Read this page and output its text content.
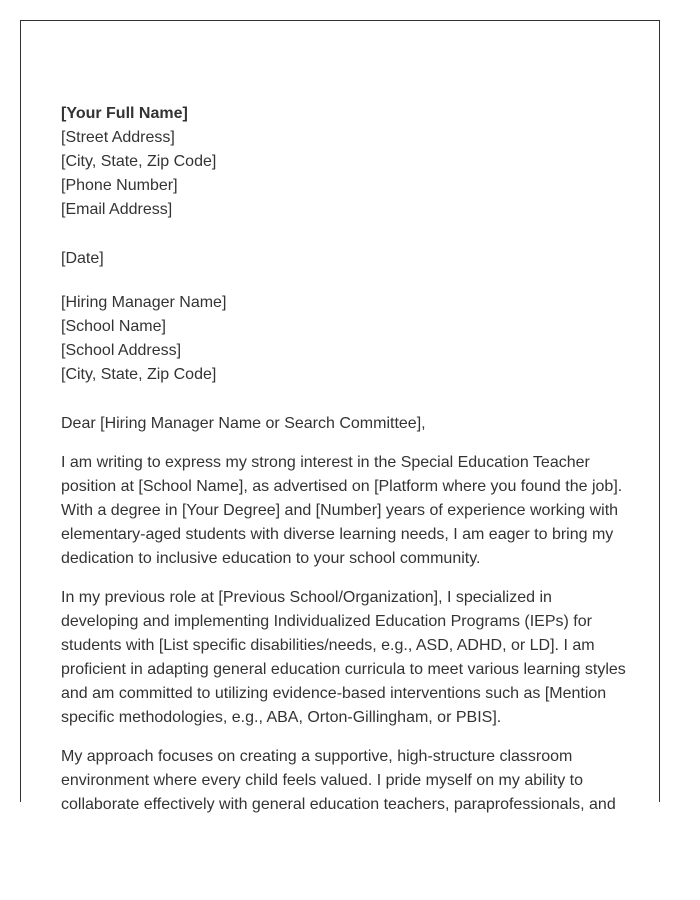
[Your Full Name]
[Street Address]
[City, State, Zip Code]
[Phone Number]
[Email Address]
[Date]
[Hiring Manager Name]
[School Name]
[School Address]
[City, State, Zip Code]
Dear [Hiring Manager Name or Search Committee],

I am writing to express my strong interest in the Special Education Teacher position at [School Name], as advertised on [Platform where you found the job]. With a degree in [Your Degree] and [Number] years of experience working with elementary-aged students with diverse learning needs, I am eager to bring my dedication to inclusive education to your school community.

In my previous role at [Previous School/Organization], I specialized in developing and implementing Individualized Education Programs (IEPs) for students with [List specific disabilities/needs, e.g., ASD, ADHD, or LD]. I am proficient in adapting general education curricula to meet various learning styles and am committed to utilizing evidence-based interventions such as [Mention specific methodologies, e.g., ABA, Orton-Gillingham, or PBIS].

My approach focuses on creating a supportive, high-structure classroom environment where every child feels valued. I pride myself on my ability to collaborate effectively with general education teachers, paraprofessionals, and
